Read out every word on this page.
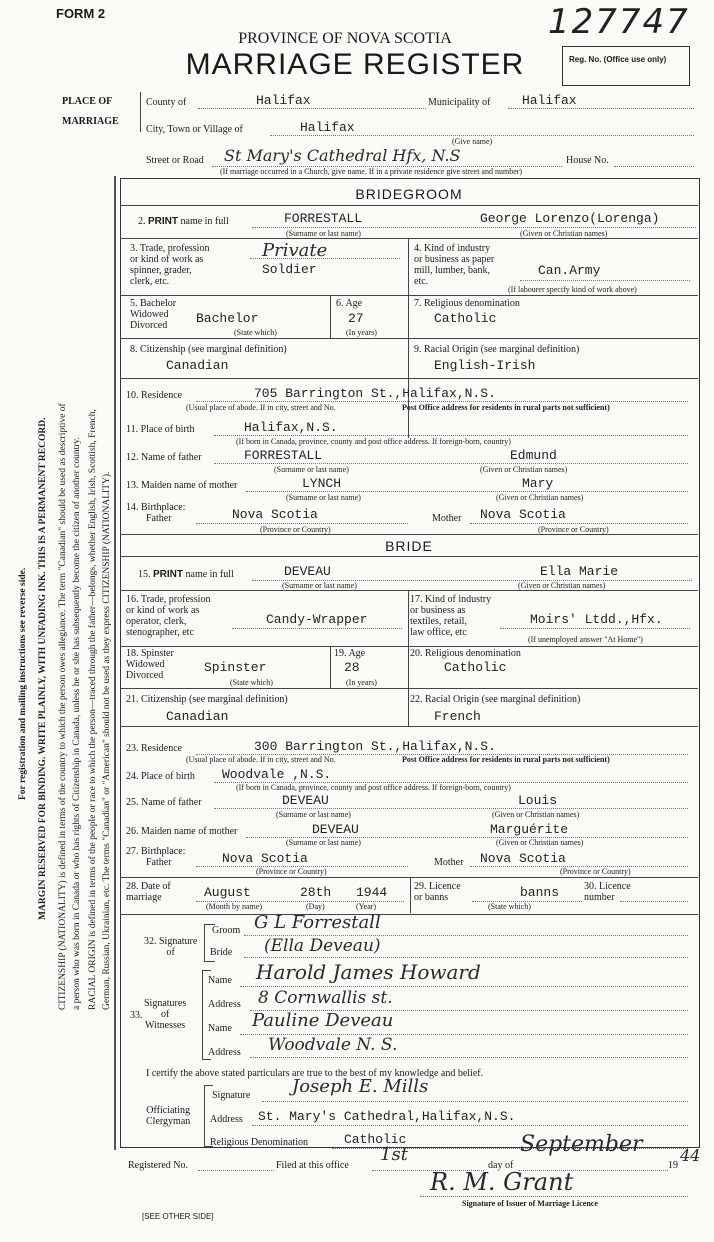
FORM 2	127747
PROVINCE OF NOVA SCOTIA
MARRIAGE REGISTER	Reg. No. (Office use only)
PLACE OF
MARRIAGE
County of	Halifax	Municipality of Halifax
City, Town or Village of	Halifax
(Give name)
Street or Road St Mary's Cathedral Hfx, N.S	House No.
(If marriage occurred in a Church, give name. If in a private residence give street and number)
MARGIN RESERVED FOR BINDING. WRITE PLAINLY, WITH UNFADING INK. THIS IS A PERMANENT RECORD.
For registration and mailing instructions see reverse side.	CITIZENSHIP (NATIONALITY) is defined in terms of the country to which the person owes allegiance. The term "Canadian" should be used as descriptive of a person who was born in Canada or who has rights of Citizenship in Canada, unless he or she has subsequently become the citizen of another country. RACIAL ORIGIN is defined in terms of the people or race to which the person—traced through the father—belongs, whether English, Irish, Scottish, French, German, Russian, Ukrainian, etc. The terms "Canadian" or "American" should not be used as they express CITIZENSHIP (NATIONALITY).
BRIDEGROOM
2. PRINT name in full	FORRESTALL	George Lorenzo(Lorenga)
(Surname or last name)	(Given or Christian names)
3. Trade, profession
or kind of work as
spinner, grader,
clerk, etc.
Private
Soldier
4. Kind of industry
or business as paper
mill, lumber, bank,
etc.
Can.Army
(If labourer specify kind of work above)
5. Bachelor
Widowed
Divorced	Bachelor
(State which)
6. Age
27
(In years)
7. Religious denomination
Catholic
8. Citizenship (see marginal definition)
Canadian
9. Racial Origin (see marginal definition)
English-Irish
10. Residence	705 Barrington St.,Halifax,N.S.
(Usual place of abode. If in city, street and No.	Post Office address for residents in rural parts not sufficient)
11. Place of birth	Halifax,N.S.
(If born in Canada, province, county and post office address. If foreign-born, country)
12. Name of father	FORRESTALL	Edmund
(Surname or last name)	(Given or Christian names)
13. Maiden name of mother	LYNCH	Mary
(Surname or last name)	(Given or Christian names)
14. Birthplace:
Father	Nova Scotia
(Province or Country)
Mother Nova Scotia
(Province or Country)
BRIDE
15. PRINT name in full	DEVEAU	Ella Marie
(Surname or last name)	(Given or Christian names)
16. Trade, profession
or kind of work as
operator, clerk,
stenographer, etc
Candy-Wrapper
17. Kind of industry
or business as
textiles, retail,
law office, etc
Moirs' Ltdd.,Hfx.
(If unemployed answer "At Home")
18. Spinster
Widowed
Divorced
Spinster
(State which)
19. Age
28
(In years)
20. Religious denomination
Catholic
21. Citizenship (see marginal definition)
Canadian
22. Racial Origin (see marginal definition)
French
23. Residence	300 Barrington St.,Halifax,N.S.
(Usual place of abode. If in city, street and No.	Post Office address for residents in rural parts not sufficient)
24. Place of birth Woodvale ,N.S.
(If born in Canada, province, county and post office address. If foreign-born, country)
25. Name of father	DEVEAU	Louis
(Surname or last name)	(Given or Christian names)
26. Maiden name of mother	DEVEAU	Marguérite
(Surname or last name)	(Given or Christian names)
27. Birthplace:
Father	Nova Scotia
(Province or Country)
Mother Nova Scotia
(Province or Country)
28. Date of
marriage	August	28th 1944
(Month by name)	(Day)	(Year)
29. Licence
or banns	banns
(State which)
30. Licence
number
32. Signature
of
Groom G L Forrestall
Bride (Ella Deveau)
33.
Signatures
of
Witnesses
Name Harold James Howard
Address 8 Cornwallis st.
Name Pauline Deveau
Address Woodvale N. S.
I certify the above stated particulars are true to the best of my knowledge and belief.
Officiating
Clergyman
Signature Joseph E. Mills
Address St. Mary's Cathedral,Halifax,N.S.
Religious Denomination	Catholic
Registered No.	Filed at this office
1st
day of
September
19
44
R. M. Grant
Signature of Issuer of Marriage Licence
[SEE OTHER SIDE]
